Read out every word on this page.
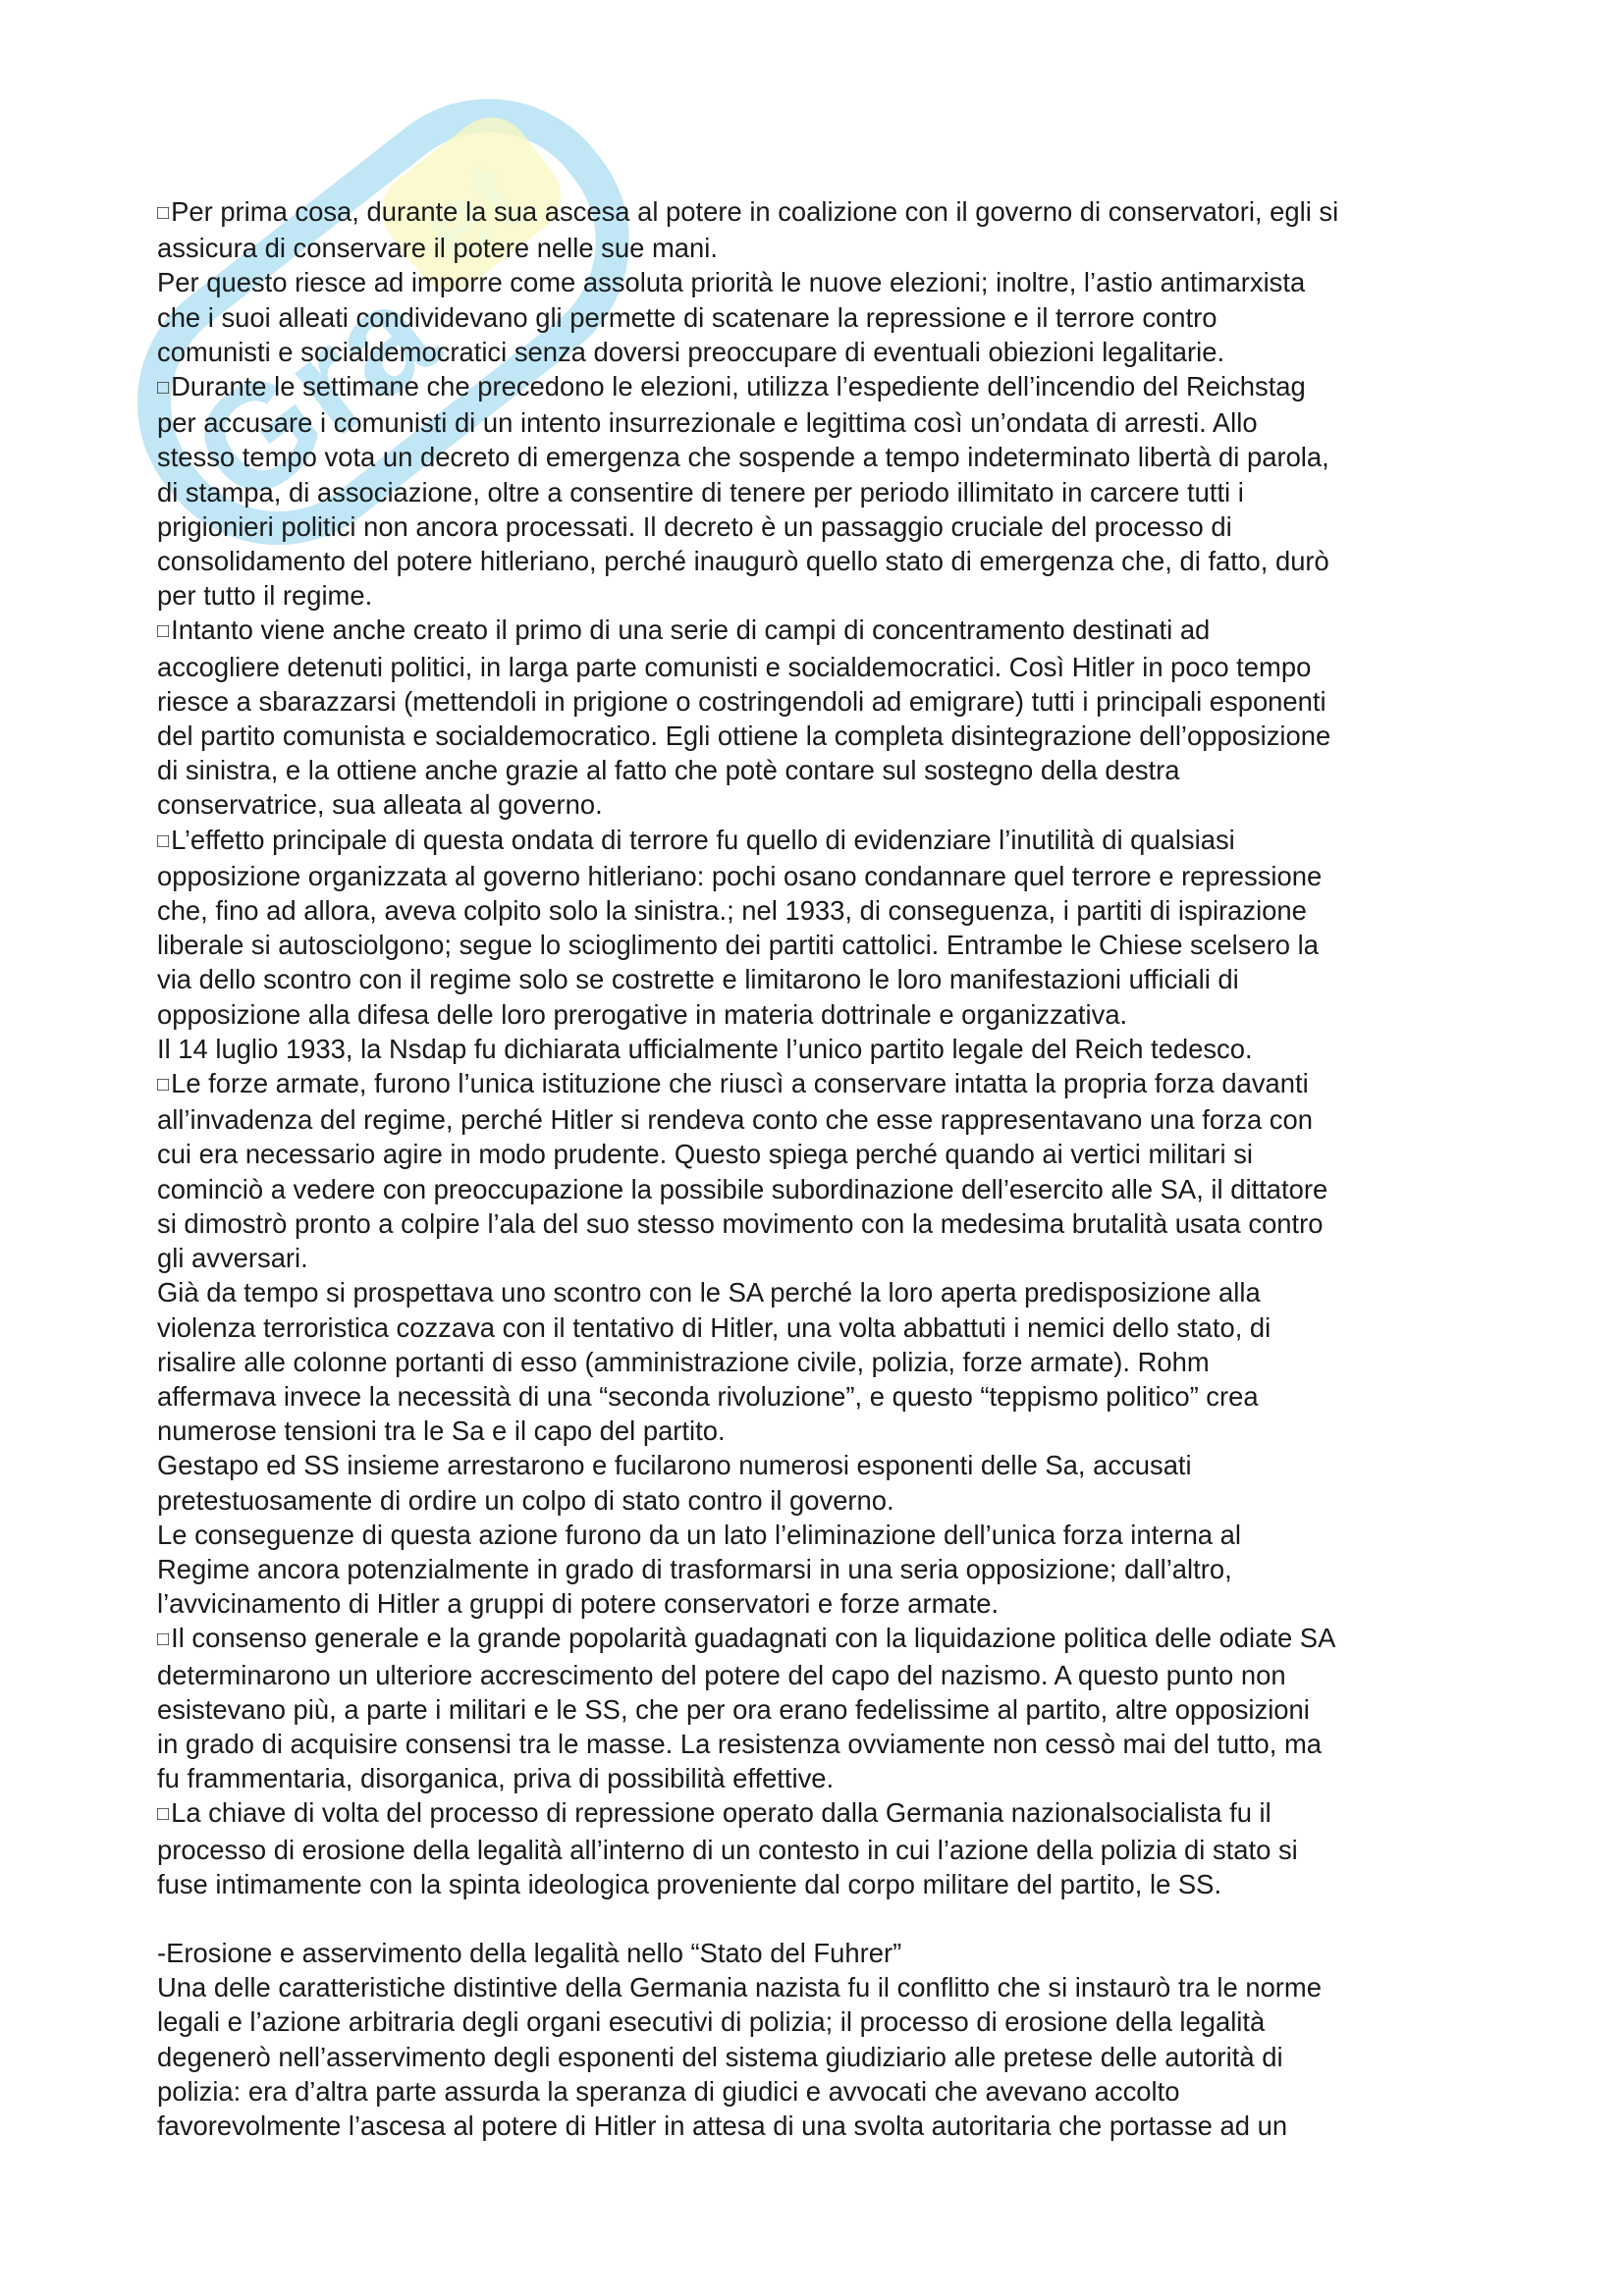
Gra
et
□ Per prima cosa, durante la sua ascesa al potere in coalizione con il governo di conservatori, egli si
assicura di conservare il potere nelle sue mani.
Per questo riesce ad imporre come assoluta priorità le nuove elezioni; inoltre, l’astio antimarxista
che i suoi alleati condividevano gli permette di scatenare la repressione e il terrore contro
comunisti e socialdemocratici senza doversi preoccupare di eventuali obiezioni legalitarie.
□ Durante le settimane che precedono le elezioni, utilizza l’espediente dell’incendio del Reichstag
per accusare i comunisti di un intento insurrezionale e legittima così un’ondata di arresti. Allo
stesso tempo vota un decreto di emergenza che sospende a tempo indeterminato libertà di parola,
di stampa, di associazione, oltre a consentire di tenere per periodo illimitato in carcere tutti i
prigionieri politici non ancora processati. Il decreto è un passaggio cruciale del processo di
consolidamento del potere hitleriano, perché inaugurò quello stato di emergenza che, di fatto, durò
per tutto il regime.
□ Intanto viene anche creato il primo di una serie di campi di concentramento destinati ad
accogliere detenuti politici, in larga parte comunisti e socialdemocratici. Così Hitler in poco tempo
riesce a sbarazzarsi (mettendoli in prigione o costringendoli ad emigrare) tutti i principali esponenti
del partito comunista e socialdemocratico. Egli ottiene la completa disintegrazione dell’opposizione
di sinistra, e la ottiene anche grazie al fatto che potè contare sul sostegno della destra
conservatrice, sua alleata al governo.
□ L’effetto principale di questa ondata di terrore fu quello di evidenziare l’inutilità di qualsiasi
opposizione organizzata al governo hitleriano: pochi osano condannare quel terrore e repressione
che, fino ad allora, aveva colpito solo la sinistra.; nel 1933, di conseguenza, i partiti di ispirazione
liberale si autosciolgono; segue lo scioglimento dei partiti cattolici. Entrambe le Chiese scelsero la
via dello scontro con il regime solo se costrette e limitarono le loro manifestazioni ufficiali di
opposizione alla difesa delle loro prerogative in materia dottrinale e organizzativa.
Il 14 luglio 1933, la Nsdap fu dichiarata ufficialmente l’unico partito legale del Reich tedesco.
□ Le forze armate, furono l’unica istituzione che riuscì a conservare intatta la propria forza davanti
all’invadenza del regime, perché Hitler si rendeva conto che esse rappresentavano una forza con
cui era necessario agire in modo prudente. Questo spiega perché quando ai vertici militari si
cominciò a vedere con preoccupazione la possibile subordinazione dell’esercito alle SA, il dittatore
si dimostrò pronto a colpire l’ala del suo stesso movimento con la medesima brutalità usata contro
gli avversari.
Già da tempo si prospettava uno scontro con le SA perché la loro aperta predisposizione alla
violenza terroristica cozzava con il tentativo di Hitler, una volta abbattuti i nemici dello stato, di
risalire alle colonne portanti di esso (amministrazione civile, polizia, forze armate). Rohm
affermava invece la necessità di una “seconda rivoluzione”, e questo “teppismo politico” crea
numerose tensioni tra le Sa e il capo del partito.
Gestapo ed SS insieme arrestarono e fucilarono numerosi esponenti delle Sa, accusati
pretestuosamente di ordire un colpo di stato contro il governo.
Le conseguenze di questa azione furono da un lato l’eliminazione dell’unica forza interna al
Regime ancora potenzialmente in grado di trasformarsi in una seria opposizione; dall’altro,
l’avvicinamento di Hitler a gruppi di potere conservatori e forze armate.
□ Il consenso generale e la grande popolarità guadagnati con la liquidazione politica delle odiate SA
determinarono un ulteriore accrescimento del potere del capo del nazismo. A questo punto non
esistevano più, a parte i militari e le SS, che per ora erano fedelissime al partito, altre opposizioni
in grado di acquisire consensi tra le masse. La resistenza ovviamente non cessò mai del tutto, ma
fu frammentaria, disorganica, priva di possibilità effettive.
□ La chiave di volta del processo di repressione operato dalla Germania nazionalsocialista fu il
processo di erosione della legalità all’interno di un contesto in cui l’azione della polizia di stato si
fuse intimamente con la spinta ideologica proveniente dal corpo militare del partito, le SS.
-Erosione e asservimento della legalità nello “Stato del Fuhrer”
Una delle caratteristiche distintive della Germania nazista fu il conflitto che si instaurò tra le norme
legali e l’azione arbitraria degli organi esecutivi di polizia; il processo di erosione della legalità
degenerò nell’asservimento degli esponenti del sistema giudiziario alle pretese delle autorità di
polizia: era d’altra parte assurda la speranza di giudici e avvocati che avevano accolto
favorevolmente l’ascesa al potere di Hitler in attesa di una svolta autoritaria che portasse ad un
